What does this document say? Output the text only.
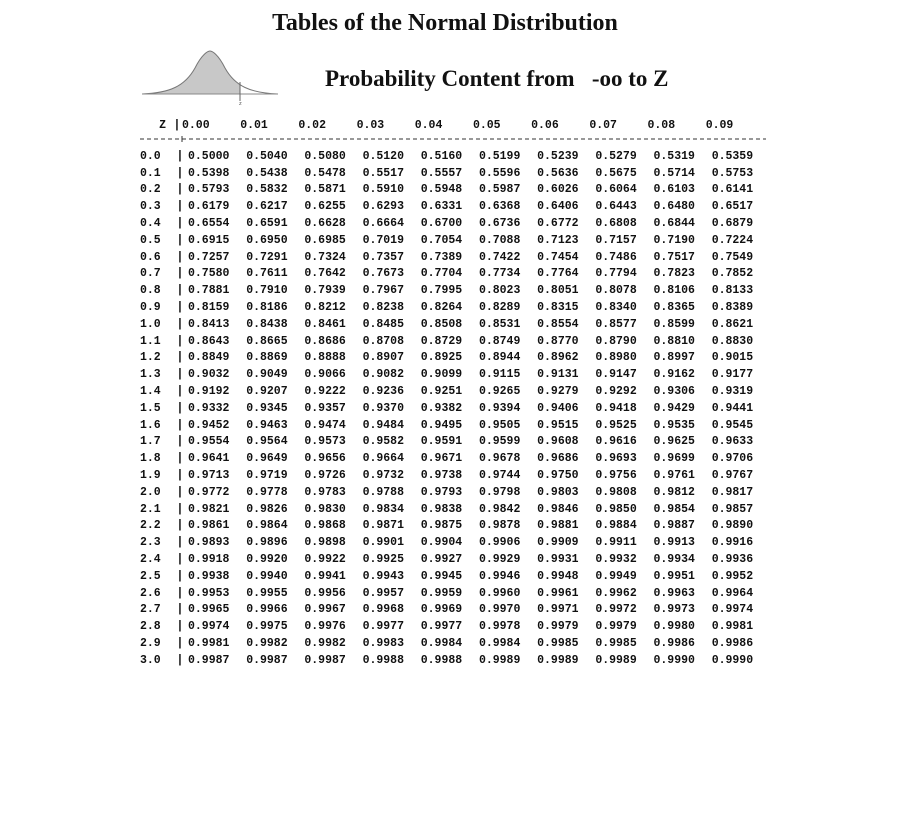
Tables of the Normal Distribution
z
Probability Content from   -oo to Z
Z | 0.00	0.01	0.02	0.03	0.04	0.05	0.06	0.07	0.08	0.09
0.0	| 0.5000	0.5040	0.5080	0.5120	0.5160	0.5199	0.5239	0.5279	0.5319	0.5359
0.1	| 0.5398	0.5438	0.5478	0.5517	0.5557	0.5596	0.5636	0.5675	0.5714	0.5753
0.2	| 0.5793	0.5832	0.5871	0.5910	0.5948	0.5987	0.6026	0.6064	0.6103	0.6141
0.3	| 0.6179	0.6217	0.6255	0.6293	0.6331	0.6368	0.6406	0.6443	0.6480	0.6517
0.4	| 0.6554	0.6591	0.6628	0.6664	0.6700	0.6736	0.6772	0.6808	0.6844	0.6879
0.5	| 0.6915	0.6950	0.6985	0.7019	0.7054	0.7088	0.7123	0.7157	0.7190	0.7224
0.6	| 0.7257	0.7291	0.7324	0.7357	0.7389	0.7422	0.7454	0.7486	0.7517	0.7549
0.7	| 0.7580	0.7611	0.7642	0.7673	0.7704	0.7734	0.7764	0.7794	0.7823	0.7852
0.8	| 0.7881	0.7910	0.7939	0.7967	0.7995	0.8023	0.8051	0.8078	0.8106	0.8133
0.9	| 0.8159	0.8186	0.8212	0.8238	0.8264	0.8289	0.8315	0.8340	0.8365	0.8389
1.0	| 0.8413	0.8438	0.8461	0.8485	0.8508	0.8531	0.8554	0.8577	0.8599	0.8621
1.1	| 0.8643	0.8665	0.8686	0.8708	0.8729	0.8749	0.8770	0.8790	0.8810	0.8830
1.2	| 0.8849	0.8869	0.8888	0.8907	0.8925	0.8944	0.8962	0.8980	0.8997	0.9015
1.3	| 0.9032	0.9049	0.9066	0.9082	0.9099	0.9115	0.9131	0.9147	0.9162	0.9177
1.4	| 0.9192	0.9207	0.9222	0.9236	0.9251	0.9265	0.9279	0.9292	0.9306	0.9319
1.5	| 0.9332	0.9345	0.9357	0.9370	0.9382	0.9394	0.9406	0.9418	0.9429	0.9441
1.6	| 0.9452	0.9463	0.9474	0.9484	0.9495	0.9505	0.9515	0.9525	0.9535	0.9545
1.7	| 0.9554	0.9564	0.9573	0.9582	0.9591	0.9599	0.9608	0.9616	0.9625	0.9633
1.8	| 0.9641	0.9649	0.9656	0.9664	0.9671	0.9678	0.9686	0.9693	0.9699	0.9706
1.9	| 0.9713	0.9719	0.9726	0.9732	0.9738	0.9744	0.9750	0.9756	0.9761	0.9767
2.0	| 0.9772	0.9778	0.9783	0.9788	0.9793	0.9798	0.9803	0.9808	0.9812	0.9817
2.1	| 0.9821	0.9826	0.9830	0.9834	0.9838	0.9842	0.9846	0.9850	0.9854	0.9857
2.2	| 0.9861	0.9864	0.9868	0.9871	0.9875	0.9878	0.9881	0.9884	0.9887	0.9890
2.3	| 0.9893	0.9896	0.9898	0.9901	0.9904	0.9906	0.9909	0.9911	0.9913	0.9916
2.4	| 0.9918	0.9920	0.9922	0.9925	0.9927	0.9929	0.9931	0.9932	0.9934	0.9936
2.5	| 0.9938	0.9940	0.9941	0.9943	0.9945	0.9946	0.9948	0.9949	0.9951	0.9952
2.6	| 0.9953	0.9955	0.9956	0.9957	0.9959	0.9960	0.9961	0.9962	0.9963	0.9964
2.7	| 0.9965	0.9966	0.9967	0.9968	0.9969	0.9970	0.9971	0.9972	0.9973	0.9974
2.8	| 0.9974	0.9975	0.9976	0.9977	0.9977	0.9978	0.9979	0.9979	0.9980	0.9981
2.9	| 0.9981	0.9982	0.9982	0.9983	0.9984	0.9984	0.9985	0.9985	0.9986	0.9986
3.0	| 0.9987	0.9987	0.9987	0.9988	0.9988	0.9989	0.9989	0.9989	0.9990	0.9990
